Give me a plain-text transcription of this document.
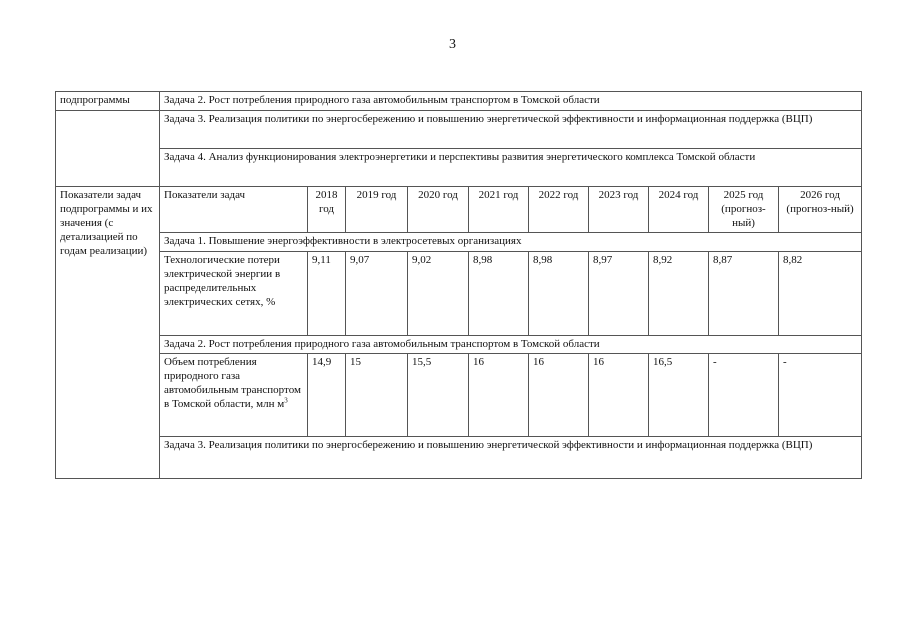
3
подпрограммы	Задача 2. Рост потребления природного газа автомобильным транспортом в Томской области									
	Задача 3. Реализация политики по энергосбережению и повышению энергетической эффективности и информационная поддержка (ВЦП)									
	Задача 4. Анализ функционирования электроэнергетики и перспективы развития энергетического комплекса Томской области									
Показатели задач подпрограммы и их значения (с детализацией по годам реализации)	Показатели задач	2018 год	2019 год	2020 год	2021 год	2022 год	2023 год	2024 год	2025 год (прогноз-ный)	2026 год (прогноз-ный)
	Задача 1. Повышение энергоэффективности в электросетевых организациях									
	Технологические потери электрической энергии в распределительных электрических сетях, %	9,11	9,07	9,02	8,98	8,98	8,97	8,92	8,87	8,82
	Задача 2. Рост потребления природного газа автомобильным транспортом в Томской области									
	Объем потребления природного газа автомобильным транспортом в Томской области, млн $м^3$	14,9	15	15,5	16	16	16	16,5	-	-
	Задача 3. Реализация политики по энергосбережению и повышению энергетической эффективности и информационная поддержка (ВЦП)									
